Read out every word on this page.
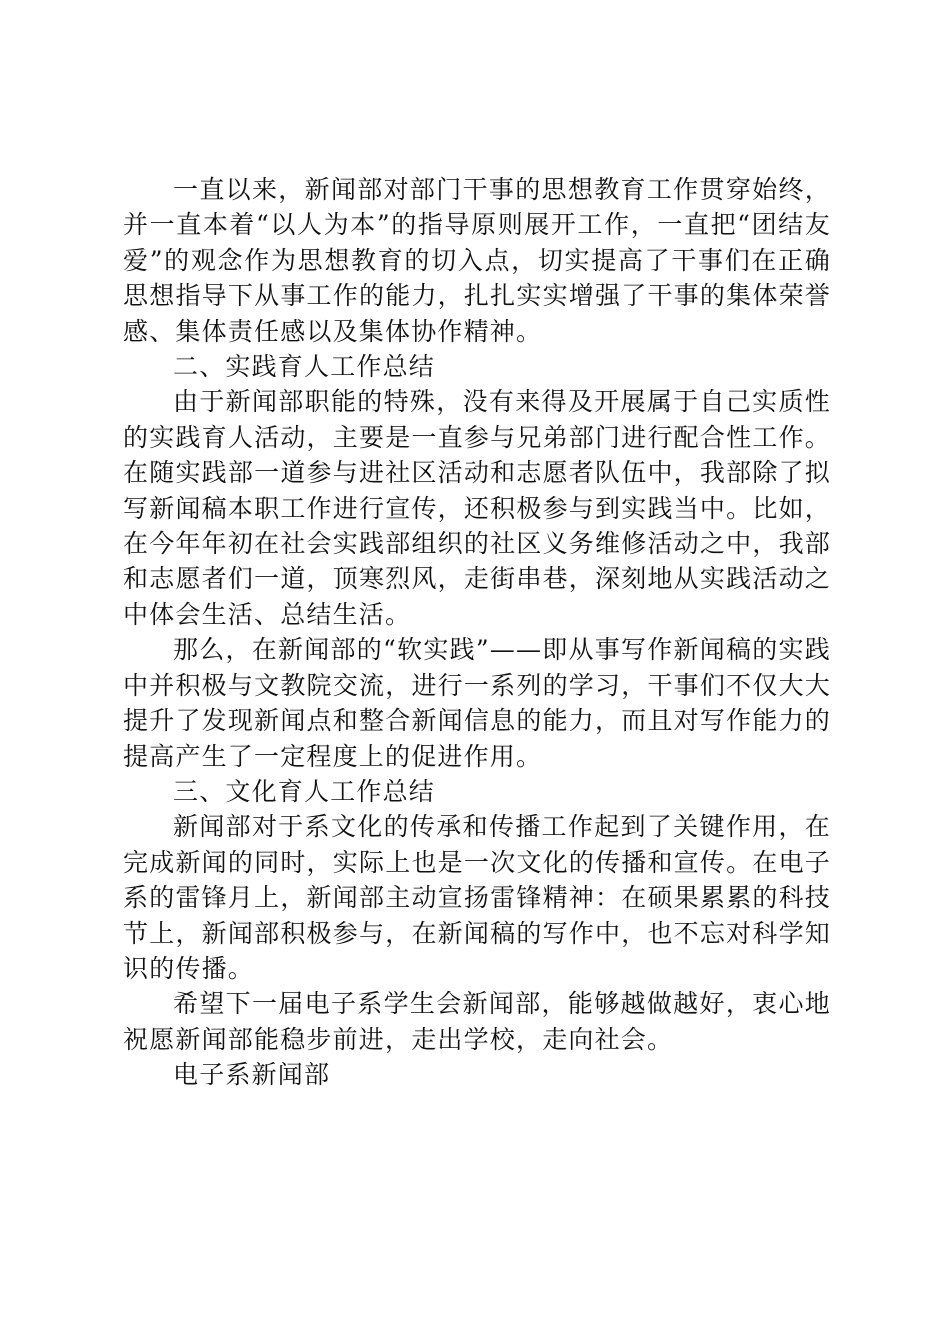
一直以来，新闻部对部门干事的思想教育工作贯穿始终，并一直本着“以人为本”的指导原则展开工作，一直把“团结友爱”的观念作为思想教育的切入点，切实提高了干事们在正确思想指导下从事工作的能力，扎扎实实增强了干事的集体荣誉感、集体责任感以及集体协作精神。

二、实践育人工作总结

由于新闻部职能的特殊，没有来得及开展属于自己实质性的实践育人活动，主要是一直参与兄弟部门进行配合性工作。在随实践部一道参与进社区活动和志愿者队伍中，我部除了拟写新闻稿本职工作进行宣传，还积极参与到实践当中。比如，在今年年初在社会实践部组织的社区义务维修活动之中，我部和志愿者们一道，顶寒烈风，走街串巷，深刻地从实践活动之中体会生活、总结生活。

那么，在新闻部的“软实践”——即从事写作新闻稿的实践中并积极与文教院交流，进行一系列的学习，干事们不仅大大提升了发现新闻点和整合新闻信息的能力，而且对写作能力的提高产生了一定程度上的促进作用。

三、文化育人工作总结

新闻部对于系文化的传承和传播工作起到了关键作用，在完成新闻的同时，实际上也是一次文化的传播和宣传。在电子系的雷锋月上，新闻部主动宣扬雷锋精神：在硕果累累的科技节上，新闻部积极参与，在新闻稿的写作中，也不忘对科学知识的传播。

希望下一届电子系学生会新闻部，能够越做越好，衷心地祝愿新闻部能稳步前进，走出学校，走向社会。

电子系新闻部
